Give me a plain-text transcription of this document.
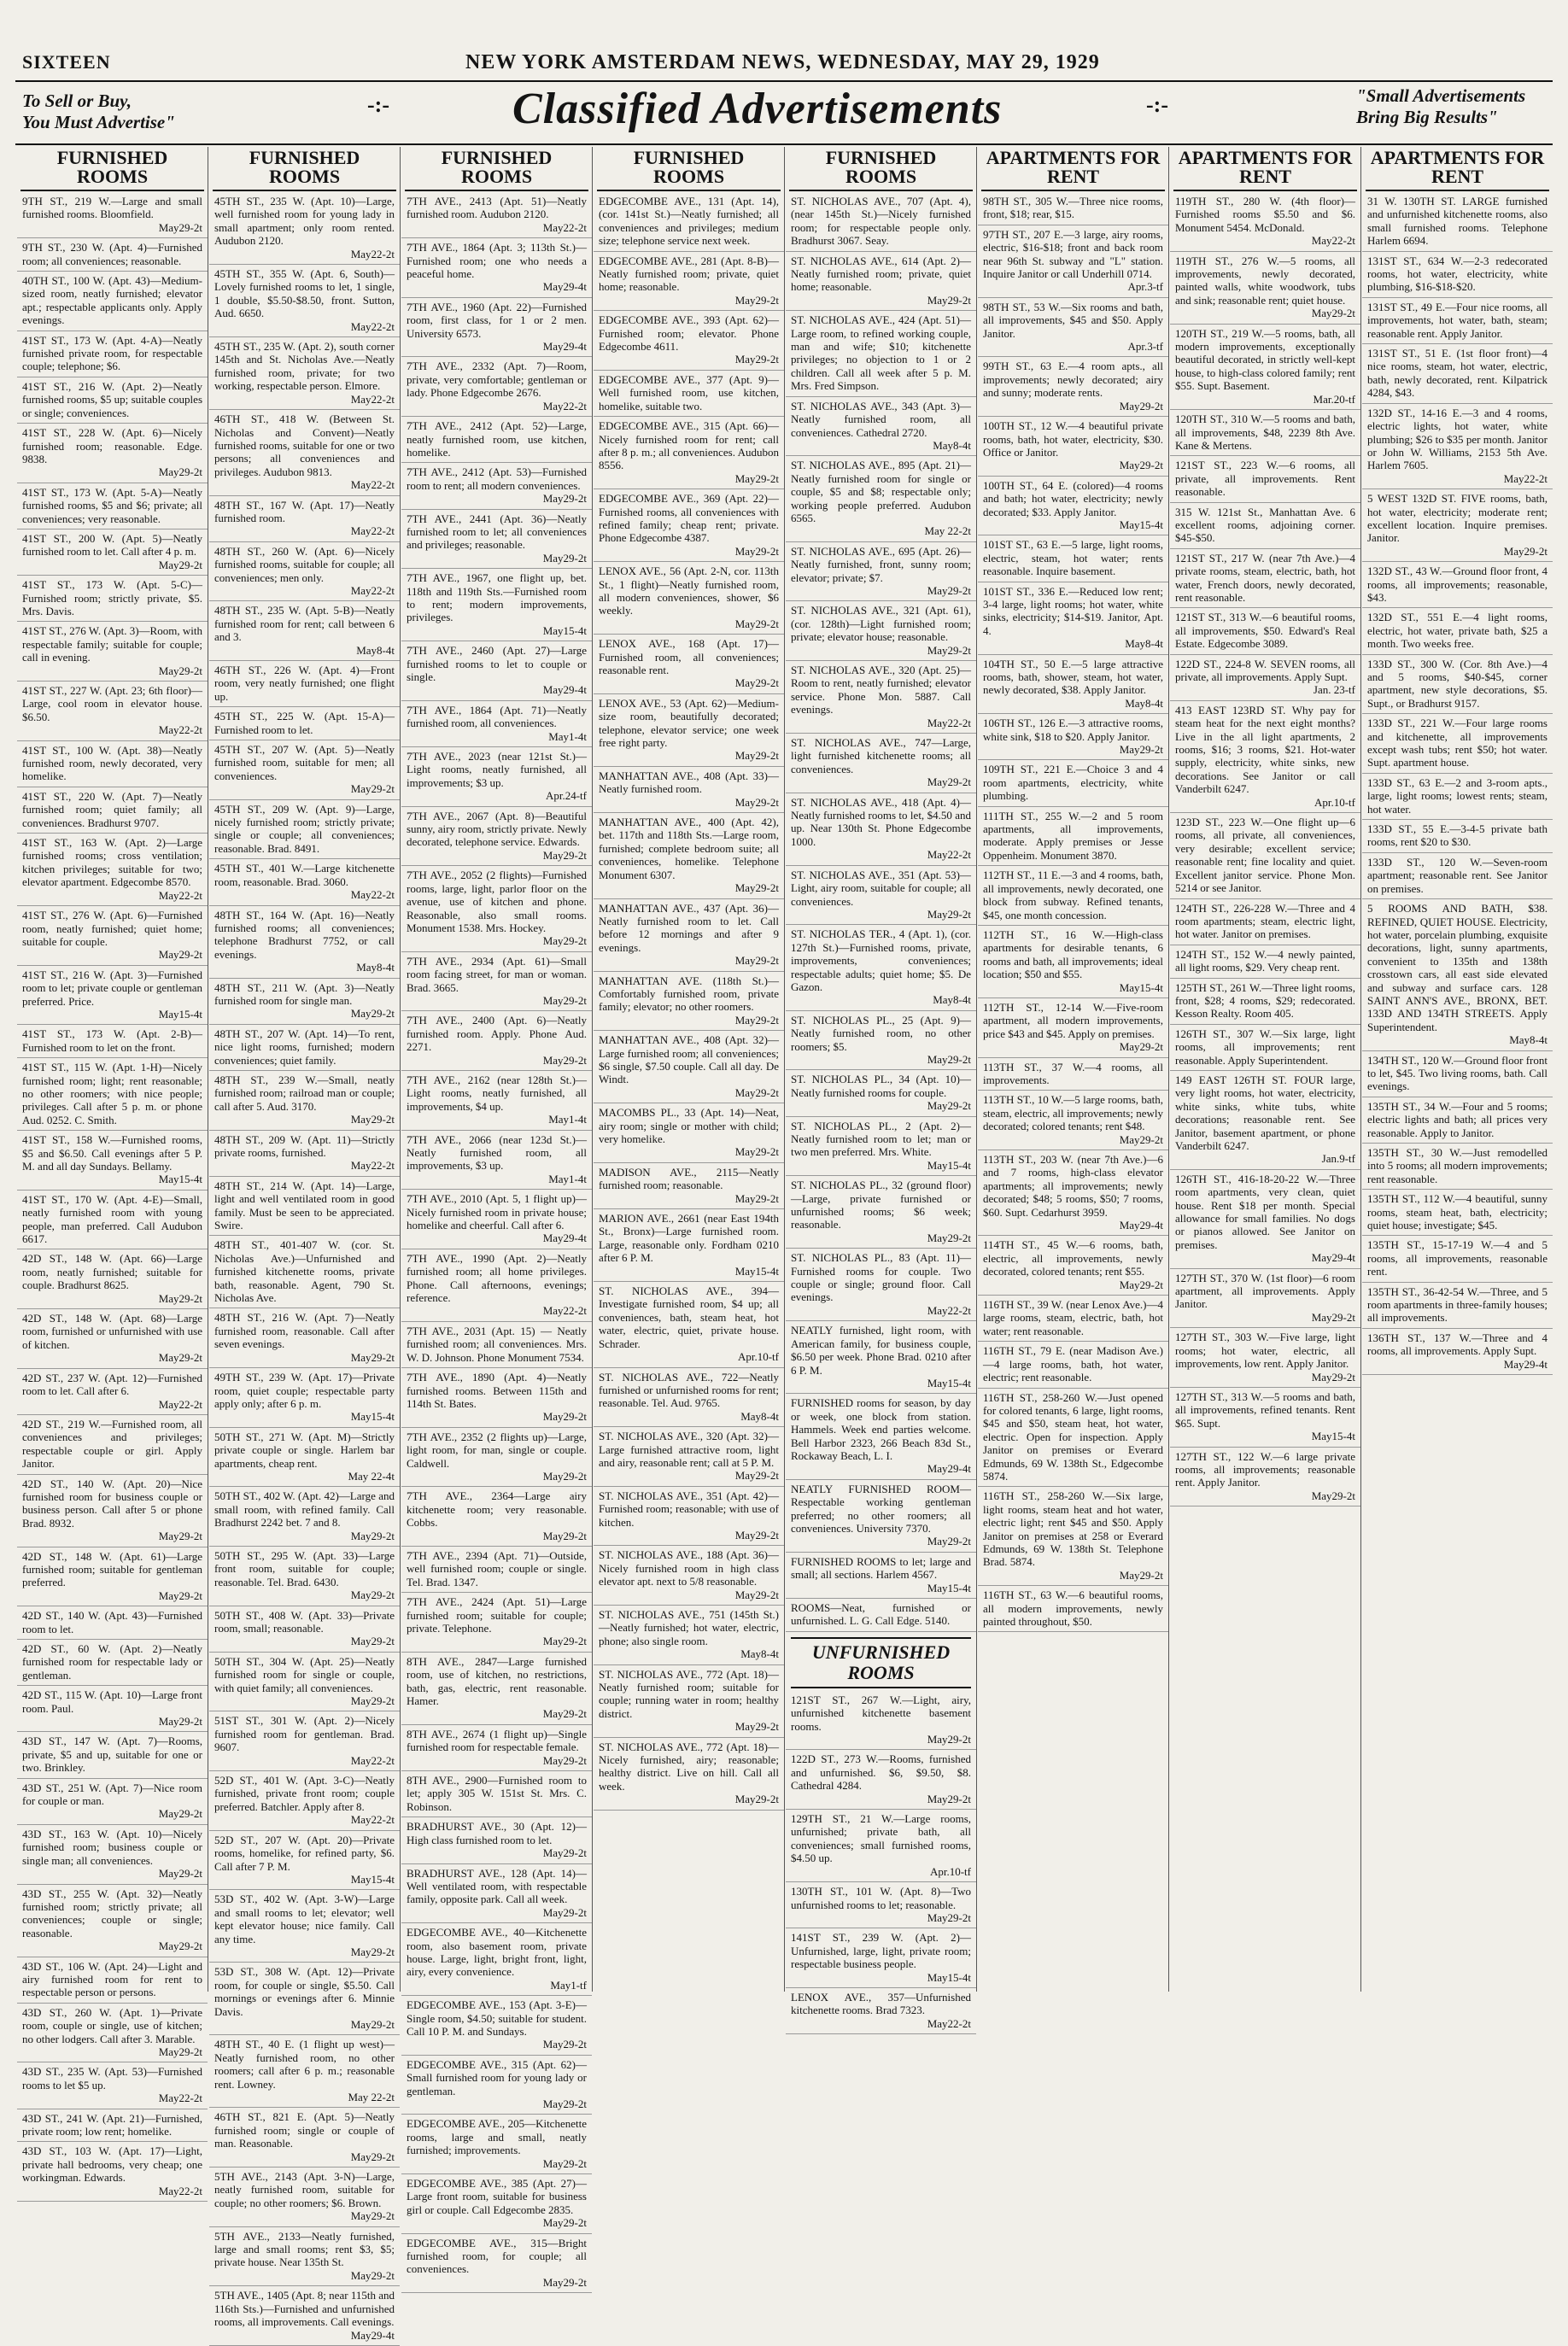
SIXTEEN	NEW YORK AMSTERDAM NEWS, WEDNESDAY, MAY 29, 1929
To Sell or Buy,
You Must Advertise"
-:-	Classified Advertisements	-:-	"Small Advertisements
Bring Big Results"
FURNISHED ROOMS
9TH ST., 219 W.—Large and small furnished rooms. Bloomfield.
May29-2t
9TH ST., 230 W. (Apt. 4)—Furnished room; all conveniences; reasonable.
40TH ST., 100 W. (Apt. 43)—Medium-sized room, neatly furnished; elevator apt.; respectable applicants only. Apply evenings.
41ST ST., 173 W. (Apt. 4-A)—Neatly furnished private room, for respectable couple; telephone; $6.
41ST ST., 216 W. (Apt. 2)—Neatly furnished rooms, $5 up; suitable couples or single; conveniences.
41ST ST., 228 W. (Apt. 6)—Nicely furnished room; reasonable. Edge. 9838.
May29-2t
41ST ST., 173 W. (Apt. 5-A)—Neatly furnished rooms, $5 and $6; private; all conveniences; very reasonable.
41ST ST., 200 W. (Apt. 5)—Neatly furnished room to let. Call after 4 p. m.
May29-2t
41ST ST., 173 W. (Apt. 5-C)—Furnished room; strictly private, $5. Mrs. Davis.
41ST ST., 276 W. (Apt. 3)—Room, with respectable family; suitable for couple; call in evening.
May29-2t
41ST ST., 227 W. (Apt. 23; 6th floor)—Large, cool room in elevator house. $6.50.
May22-2t
41ST ST., 100 W. (Apt. 38)—Neatly furnished room, newly decorated, very homelike.
41ST ST., 220 W. (Apt. 7)—Neatly furnished room; quiet family; all conveniences. Bradhurst 9707.
41ST ST., 163 W. (Apt. 2)—Large furnished rooms; cross ventilation; kitchen privileges; suitable for two; elevator apartment. Edgecombe 8570.
May22-2t
41ST ST., 276 W. (Apt. 6)—Furnished room, neatly furnished; quiet home; suitable for couple.
May29-2t
41ST ST., 216 W. (Apt. 3)—Furnished room to let; private couple or gentleman preferred. Price.
May15-4t
41ST ST., 173 W. (Apt. 2-B)—Furnished room to let on the front.
41ST ST., 115 W. (Apt. 1-H)—Nicely furnished room; light; rent reasonable; no other roomers; with nice people; privileges. Call after 5 p. m. or phone Aud. 0252. C. Smith.
41ST ST., 158 W.—Furnished rooms, $5 and $6.50. Call evenings after 5 P. M. and all day Sundays. Bellamy.
May15-4t
41ST ST., 170 W. (Apt. 4-E)—Small, neatly furnished room with young people, man preferred. Call Audubon 6617.
42D ST., 148 W. (Apt. 66)—Large room, neatly furnished; suitable for couple. Bradhurst 8625.
May29-2t
42D ST., 148 W. (Apt. 68)—Large room, furnished or unfurnished with use of kitchen.
May29-2t
42D ST., 237 W. (Apt. 12)—Furnished room to let. Call after 6.
May22-2t
42D ST., 219 W.—Furnished room, all conveniences and privileges; respectable couple or girl. Apply Janitor.
42D ST., 140 W. (Apt. 20)—Nice furnished room for business couple or business person. Call after 5 or phone Brad. 8932.
May29-2t
42D ST., 148 W. (Apt. 61)—Large furnished room; suitable for gentleman preferred.
May29-2t
42D ST., 140 W. (Apt. 43)—Furnished room to let.
42D ST., 60 W. (Apt. 2)—Neatly furnished room for respectable lady or gentleman.
42D ST., 115 W. (Apt. 10)—Large front room. Paul.
May29-2t
43D ST., 147 W. (Apt. 7)—Rooms, private, $5 and up, suitable for one or two. Brinkley.
43D ST., 251 W. (Apt. 7)—Nice room for couple or man.
May29-2t
43D ST., 163 W. (Apt. 10)—Nicely furnished room; business couple or single man; all conveniences.
May29-2t
43D ST., 255 W. (Apt. 32)—Neatly furnished room; strictly private; all conveniences; couple or single; reasonable.
May29-2t
43D ST., 106 W. (Apt. 24)—Light and airy furnished room for rent to respectable person or persons.
43D ST., 260 W. (Apt. 1)—Private room, couple or single, use of kitchen; no other lodgers. Call after 3. Marable.
May29-2t
43D ST., 235 W. (Apt. 53)—Furnished rooms to let $5 up.
May22-2t
43D ST., 241 W. (Apt. 21)—Furnished, private room; low rent; homelike.
43D ST., 103 W. (Apt. 17)—Light, private hall bedrooms, very cheap; one workingman. Edwards.
May22-2t
FURNISHED ROOMS
45TH ST., 235 W. (Apt. 10)—Large, well furnished room for young lady in small apartment; only room rented. Audubon 2120.
May22-2t
45TH ST., 355 W. (Apt. 6, South)—Lovely furnished rooms to let, 1 single, 1 double, $5.50-$8.50, front. Sutton, Aud. 6650.
May22-2t
45TH ST., 235 W. (Apt. 2), south corner 145th and St. Nicholas Ave.—Neatly furnished room, private; for two working, respectable person. Elmore.
May22-2t
46TH ST., 418 W. (Between St. Nicholas and Convent)—Neatly furnished rooms, suitable for one or two persons; all conveniences and privileges. Audubon 9813.
May22-2t
48TH ST., 167 W. (Apt. 17)—Neatly furnished room.
May22-2t
48TH ST., 260 W. (Apt. 6)—Nicely furnished rooms, suitable for couple; all conveniences; men only.
May22-2t
48TH ST., 235 W. (Apt. 5-B)—Neatly furnished room for rent; call between 6 and 3.
May8-4t
46TH ST., 226 W. (Apt. 4)—Front room, very neatly furnished; one flight up.
45TH ST., 225 W. (Apt. 15-A)—Furnished room to let.
45TH ST., 207 W. (Apt. 5)—Neatly furnished room, suitable for men; all conveniences.
May29-2t
45TH ST., 209 W. (Apt. 9)—Large, nicely furnished room; strictly private; single or couple; all conveniences; reasonable. Brad. 8491.
45TH ST., 401 W.—Large kitchenette room, reasonable. Brad. 3060.
May22-2t
48TH ST., 164 W. (Apt. 16)—Neatly furnished rooms; all conveniences; telephone Bradhurst 7752, or call evenings.
May8-4t
48TH ST., 211 W. (Apt. 3)—Neatly furnished room for single man.
May29-2t
48TH ST., 207 W. (Apt. 14)—To rent, nice light rooms, furnished; modern conveniences; quiet family.
48TH ST., 239 W.—Small, neatly furnished room; railroad man or couple; call after 5. Aud. 3170.
May29-2t
48TH ST., 209 W. (Apt. 11)—Strictly private rooms, furnished.
May22-2t
48TH ST., 214 W. (Apt. 14)—Large, light and well ventilated room in good family. Must be seen to be appreciated. Swire.
48TH ST., 401-407 W. (cor. St. Nicholas Ave.)—Unfurnished and furnished kitchenette rooms, private bath, reasonable. Agent, 790 St. Nicholas Ave.
48TH ST., 216 W. (Apt. 7)—Neatly furnished room, reasonable. Call after seven evenings.
May29-2t
49TH ST., 239 W. (Apt. 17)—Private room, quiet couple; respectable party apply only; after 6 p. m.
May15-4t
50TH ST., 271 W. (Apt. M)—Strictly private couple or single. Harlem bar apartments, cheap rent.
May 22-4t
50TH ST., 402 W. (Apt. 42)—Large and small room, with refined family. Call Bradhurst 2242 bet. 7 and 8.
May29-2t
50TH ST., 295 W. (Apt. 33)—Large front room, suitable for couple; reasonable. Tel. Brad. 6430.
May29-2t
50TH ST., 408 W. (Apt. 33)—Private room, small; reasonable.
May29-2t
50TH ST., 304 W. (Apt. 25)—Neatly furnished room for single or couple, with quiet family; all conveniences.
May29-2t
51ST ST., 301 W. (Apt. 2)—Nicely furnished room for gentleman. Brad. 9607.
May22-2t
52D ST., 401 W. (Apt. 3-C)—Neatly furnished, private front room; couple preferred. Batchler. Apply after 8.
May22-2t
52D ST., 207 W. (Apt. 20)—Private rooms, homelike, for refined party, $6. Call after 7 P. M.
May15-4t
53D ST., 402 W. (Apt. 3-W)—Large and small rooms to let; elevator; well kept elevator house; nice family. Call any time.
May29-2t
53D ST., 308 W. (Apt. 12)—Private room, for couple or single, $5.50. Call mornings or evenings after 6. Minnie Davis.
May29-2t
48TH ST., 40 E. (1 flight up west)—Neatly furnished room, no other roomers; call after 6 p. m.; reasonable rent. Lowney.
May 22-2t
46TH ST., 821 E. (Apt. 5)—Neatly furnished room; single or couple of man. Reasonable.
May29-2t
5TH AVE., 2143 (Apt. 3-N)—Large, neatly furnished room, suitable for couple; no other roomers; $6. Brown.
May29-2t
5TH AVE., 2133—Neatly furnished, large and small rooms; rent $3, $5; private house. Near 135th St.
May29-2t
5TH AVE., 1405 (Apt. 8; near 115th and 116th Sts.)—Furnished and unfurnished rooms, all improvements. Call evenings.
May29-4t
FURNISHED ROOMS
7TH AVE., 2413 (Apt. 51)—Neatly furnished room. Audubon 2120.
May22-2t
7TH AVE., 1864 (Apt. 3; 113th St.)—Furnished room; one who needs a peaceful home.
May29-4t
7TH AVE., 1960 (Apt. 22)—Furnished room, first class, for 1 or 2 men. University 6573.
May29-4t
7TH AVE., 2332 (Apt. 7)—Room, private, very comfortable; gentleman or lady. Phone Edgecombe 2676.
May22-2t
7TH AVE., 2412 (Apt. 52)—Large, neatly furnished room, use kitchen, homelike.
7TH AVE., 2412 (Apt. 53)—Furnished room to rent; all modern conveniences.
May29-2t
7TH AVE., 2441 (Apt. 36)—Neatly furnished room to let; all conveniences and privileges; reasonable.
May29-2t
7TH AVE., 1967, one flight up, bet. 118th and 119th Sts.—Furnished room to rent; modern improvements, privileges.
May15-4t
7TH AVE., 2460 (Apt. 27)—Large furnished rooms to let to couple or single.
May29-4t
7TH AVE., 1864 (Apt. 71)—Neatly furnished room, all conveniences.
May1-4t
7TH AVE., 2023 (near 121st St.)—Light rooms, neatly furnished, all improvements; $3 up.
Apr.24-tf
7TH AVE., 2067 (Apt. 8)—Beautiful sunny, airy room, strictly private. Newly decorated, telephone service. Edwards.
May29-2t
7TH AVE., 2052 (2 flights)—Furnished rooms, large, light, parlor floor on the avenue, use of kitchen and phone. Reasonable, also small rooms. Monument 1538. Mrs. Hockey.
May29-2t
7TH AVE., 2934 (Apt. 61)—Small room facing street, for man or woman. Brad. 3665.
May29-2t
7TH AVE., 2400 (Apt. 6)—Neatly furnished room. Apply. Phone Aud. 2271.
May29-2t
7TH AVE., 2162 (near 128th St.)—Light rooms, neatly furnished, all improvements, $4 up.
May1-4t
7TH AVE., 2066 (near 123d St.)—Neatly furnished room, all improvements, $3 up.
May1-4t
7TH AVE., 2010 (Apt. 5, 1 flight up)—Nicely furnished room in private house; homelike and cheerful. Call after 6.
May29-4t
7TH AVE., 1990 (Apt. 2)—Neatly furnished room; all home privileges. Phone. Call afternoons, evenings; reference.
May22-2t
7TH AVE., 2031 (Apt. 15) — Neatly furnished room; all conveniences. Mrs. W. D. Johnson. Phone Monument 7534.
7TH AVE., 1890 (Apt. 4)—Neatly furnished rooms. Between 115th and 114th St. Bates.
May29-2t
7TH AVE., 2352 (2 flights up)—Large, light room, for man, single or couple. Caldwell.
May29-2t
7TH AVE., 2364—Large airy kitchenette room; very reasonable. Cobbs.
May29-2t
7TH AVE., 2394 (Apt. 71)—Outside, well furnished room; couple or single. Tel. Brad. 1347.
7TH AVE., 2424 (Apt. 51)—Large furnished room; suitable for couple; private. Telephone.
May29-2t
8TH AVE., 2847—Large furnished room, use of kitchen, no restrictions, bath, gas, electric, rent reasonable. Hamer.
May29-2t
8TH AVE., 2674 (1 flight up)—Single furnished room for respectable female.
May29-2t
8TH AVE., 2900—Furnished room to let; apply 305 W. 151st St. Mrs. C. Robinson.
BRADHURST AVE., 30 (Apt. 12)—High class furnished room to let.
May29-2t
BRADHURST AVE., 128 (Apt. 14)—Well ventilated room, with respectable family, opposite park. Call all week.
May29-2t
EDGECOMBE AVE., 40—Kitchenette room, also basement room, private house. Large, light, bright front, light, airy, every convenience.
May1-tf
EDGECOMBE AVE., 153 (Apt. 3-E)—Single room, $4.50; suitable for student. Call 10 P. M. and Sundays.
May29-2t
EDGECOMBE AVE., 315 (Apt. 62)—Small furnished room for young lady or gentleman.
May29-2t
EDGECOMBE AVE., 205—Kitchenette rooms, large and small, neatly furnished; improvements.
May29-2t
EDGECOMBE AVE., 385 (Apt. 27)—Large front room, suitable for business girl or couple. Call Edgecombe 2835.
May29-2t
EDGECOMBE AVE., 315—Bright furnished room, for couple; all conveniences.
May29-2t
FURNISHED ROOMS
EDGECOMBE AVE., 131 (Apt. 14), (cor. 141st St.)—Neatly furnished; all conveniences and privileges; medium size; telephone service next week.
EDGECOMBE AVE., 281 (Apt. 8-B)—Neatly furnished room; private, quiet home; reasonable.
May29-2t
EDGECOMBE AVE., 393 (Apt. 62)—Furnished room; elevator. Phone Edgecombe 4611.
May29-2t
EDGECOMBE AVE., 377 (Apt. 9)—Well furnished room, use kitchen, homelike, suitable two.
EDGECOMBE AVE., 315 (Apt. 66)—Nicely furnished room for rent; call after 8 p. m.; all conveniences. Audubon 8556.
May29-2t
EDGECOMBE AVE., 369 (Apt. 22)—Furnished rooms, all conveniences with refined family; cheap rent; private. Phone Edgecombe 4387.
May29-2t
LENOX AVE., 56 (Apt. 2-N, cor. 113th St., 1 flight)—Neatly furnished room, all modern conveniences, shower, $6 weekly.
May29-2t
LENOX AVE., 168 (Apt. 17)—Furnished room, all conveniences; reasonable rent.
May29-2t
LENOX AVE., 53 (Apt. 62)—Medium-size room, beautifully decorated; telephone, elevator service; one week free right party.
May29-2t
MANHATTAN AVE., 408 (Apt. 33)—Neatly furnished room.
May29-2t
MANHATTAN AVE., 400 (Apt. 42), bet. 117th and 118th Sts.—Large room, furnished; complete bedroom suite; all conveniences, homelike. Telephone Monument 6307.
May29-2t
MANHATTAN AVE., 437 (Apt. 36)—Neatly furnished room to let. Call before 12 mornings and after 9 evenings.
May29-2t
MANHATTAN AVE. (118th St.)—Comfortably furnished room, private family; elevator; no other roomers.
May29-2t
MANHATTAN AVE., 408 (Apt. 32)—Large furnished room; all conveniences; $6 single, $7.50 couple. Call all day. De Windt.
May29-2t
MACOMBS PL., 33 (Apt. 14)—Neat, airy room; single or mother with child; very homelike.
May29-2t
MADISON AVE., 2115—Neatly furnished room; reasonable.
May29-2t
MARION AVE., 2661 (near East 194th St., Bronx)—Large furnished room. Large, reasonable only. Fordham 0210 after 6 P. M.
May15-4t
ST. NICHOLAS AVE., 394—Investigate furnished room, $4 up; all conveniences, bath, steam heat, hot water, electric, quiet, private house. Schrader.
Apr.10-tf
ST. NICHOLAS AVE., 722—Neatly furnished or unfurnished rooms for rent; reasonable. Tel. Aud. 9765.
May8-4t
ST. NICHOLAS AVE., 320 (Apt. 32)—Large furnished attractive room, light and airy, reasonable rent; call at 5 P. M.
May29-2t
ST. NICHOLAS AVE., 351 (Apt. 42)—Furnished room; reasonable; with use of kitchen.
May29-2t
ST. NICHOLAS AVE., 188 (Apt. 36)—Nicely furnished room in high class elevator apt. next to 5/8 reasonable.
May29-2t
ST. NICHOLAS AVE., 751 (145th St.)—Neatly furnished; hot water, electric, phone; also single room.
May8-4t
ST. NICHOLAS AVE., 772 (Apt. 18)—Neatly furnished room; suitable for couple; running water in room; healthy district.
May29-2t
ST. NICHOLAS AVE., 772 (Apt. 18)—Nicely furnished, airy; reasonable; healthy district. Live on hill. Call all week.
May29-2t
FURNISHED ROOMS
ST. NICHOLAS AVE., 707 (Apt. 4), (near 145th St.)—Nicely furnished room; for respectable people only. Bradhurst 3067. Seay.
ST. NICHOLAS AVE., 614 (Apt. 2)—Neatly furnished room; private, quiet home; reasonable.
May29-2t
ST. NICHOLAS AVE., 424 (Apt. 51)—Large room, to refined working couple, man and wife; $10; kitchenette privileges; no objection to 1 or 2 children. Call all week after 5 p. M. Mrs. Fred Simpson.
ST. NICHOLAS AVE., 343 (Apt. 3)—Neatly furnished room, all conveniences. Cathedral 2720.
May8-4t
ST. NICHOLAS AVE., 895 (Apt. 21)—Neatly furnished room for single or couple, $5 and $8; respectable only; working people preferred. Audubon 6565.
May 22-2t
ST. NICHOLAS AVE., 695 (Apt. 26)—Neatly furnished, front, sunny room; elevator; private; $7.
May29-2t
ST. NICHOLAS AVE., 321 (Apt. 61), (cor. 128th)—Light furnished room; private; elevator house; reasonable.
May29-2t
ST. NICHOLAS AVE., 320 (Apt. 25)—Room to rent, neatly furnished; elevator service. Phone Mon. 5887. Call evenings.
May22-2t
ST. NICHOLAS AVE., 747—Large, light furnished kitchenette rooms; all conveniences.
May29-2t
ST. NICHOLAS AVE., 418 (Apt. 4)—Neatly furnished rooms to let, $4.50 and up. Near 130th St. Phone Edgecombe 1000.
May22-2t
ST. NICHOLAS AVE., 351 (Apt. 53)—Light, airy room, suitable for couple; all conveniences.
May29-2t
ST. NICHOLAS TER., 4 (Apt. 1), (cor. 127th St.)—Furnished rooms, private, improvements, conveniences; respectable adults; quiet home; $5. De Gazon.
May8-4t
ST. NICHOLAS PL., 25 (Apt. 9)—Neatly furnished room, no other roomers; $5.
May29-2t
ST. NICHOLAS PL., 34 (Apt. 10)—Neatly furnished rooms for couple.
May29-2t
ST. NICHOLAS PL., 2 (Apt. 2)—Neatly furnished room to let; man or two men preferred. Mrs. White.
May15-4t
ST. NICHOLAS PL., 32 (ground floor)—Large, private furnished or unfurnished rooms; $6 week; reasonable.
May29-2t
ST. NICHOLAS PL., 83 (Apt. 11)—Furnished rooms for couple. Two couple or single; ground floor. Call evenings.
May22-2t
NEATLY furnished, light room, with American family, for business couple, $6.50 per week. Phone Brad. 0210 after 6 P. M.
May15-4t
FURNISHED rooms for season, by day or week, one block from station. Hammels. Week end parties welcome. Bell Harbor 2323, 266 Beach 83d St., Rockaway Beach, L. I.
May29-4t
NEATLY FURNISHED ROOM—Respectable working gentleman preferred; no other roomers; all conveniences. University 7370.
May29-2t
FURNISHED ROOMS to let; large and small; all sections. Harlem 4567.
May15-4t
ROOMS—Neat, furnished or unfurnished. L. G. Call Edge. 5140.
UNFURNISHED ROOMS
121ST ST., 267 W.—Light, airy, unfurnished kitchenette basement rooms.
May29-2t
122D ST., 273 W.—Rooms, furnished and unfurnished. $6, $9.50, $8. Cathedral 4284.
May29-2t
129TH ST., 21 W.—Large rooms, unfurnished; private bath, all conveniences; small furnished rooms, $4.50 up.
Apr.10-tf
130TH ST., 101 W. (Apt. 8)—Two unfurnished rooms to let; reasonable.
May29-2t
141ST ST., 239 W. (Apt. 2)—Unfurnished, large, light, private room; respectable business people.
May15-4t
LENOX AVE., 357—Unfurnished kitchenette rooms. Brad 7323.
May22-2t
APARTMENTS FOR RENT
98TH ST., 305 W.—Three nice rooms, front, $18; rear, $15.
97TH ST., 207 E.—3 large, airy rooms, electric, $16-$18; front and back room near 96th St. subway and "L" station. Inquire Janitor or call Underhill 0714.
Apr.3-tf
98TH ST., 53 W.—Six rooms and bath, all improvements, $45 and $50. Apply Janitor.
Apr.3-tf
99TH ST., 63 E.—4 room apts., all improvements; newly decorated; airy and sunny; moderate rents.
May29-2t
100TH ST., 12 W.—4 beautiful private rooms, bath, hot water, electricity, $30. Office or Janitor.
May29-2t
100TH ST., 64 E. (colored)—4 rooms and bath; hot water, electricity; newly decorated; $33. Apply Janitor.
May15-4t
101ST ST., 63 E.—5 large, light rooms, electric, steam, hot water; rents reasonable. Inquire basement.
101ST ST., 336 E.—Reduced low rent; 3-4 large, light rooms; hot water, white sinks, electricity; $14-$19. Janitor, Apt. 4.
May8-4t
104TH ST., 50 E.—5 large attractive rooms, bath, shower, steam, hot water, newly decorated, $38. Apply Janitor.
May8-4t
106TH ST., 126 E.—3 attractive rooms, white sink, $18 to $20. Apply Janitor.
May29-2t
109TH ST., 221 E.—Choice 3 and 4 room apartments, electricity, white plumbing.
111TH ST., 255 W.—2 and 5 room apartments, all improvements, moderate. Apply premises or Jesse Oppenheim. Monument 3870.
112TH ST., 11 E.—3 and 4 rooms, bath, all improvements, newly decorated, one block from subway. Refined tenants, $45, one month concession.
112TH ST., 16 W.—High-class apartments for desirable tenants, 6 rooms and bath, all improvements; ideal location; $50 and $55.
May15-4t
112TH ST., 12-14 W.—Five-room apartment, all modern improvements, price $43 and $45. Apply on premises.
May29-2t
113TH ST., 37 W.—4 rooms, all improvements.
113TH ST., 10 W.—5 large rooms, bath, steam, electric, all improvements; newly decorated; colored tenants; rent $48.
May29-2t
113TH ST., 203 W. (near 7th Ave.)—6 and 7 rooms, high-class elevator apartments; all improvements; newly decorated; $48; 5 rooms, $50; 7 rooms, $60. Supt. Cedarhurst 3959.
May29-4t
114TH ST., 45 W.—6 rooms, bath, electric, all improvements, newly decorated, colored tenants; rent $55.
May29-2t
116TH ST., 39 W. (near Lenox Ave.)—4 large rooms, steam, electric, bath, hot water; rent reasonable.
116TH ST., 79 E. (near Madison Ave.)—4 large rooms, bath, hot water, electric; rent reasonable.
116TH ST., 258-260 W.—Just opened for colored tenants, 6 large, light rooms, $45 and $50, steam heat, hot water, electric. Open for inspection. Apply Janitor on premises or Everard Edmunds, 69 W. 138th St., Edgecombe 5874.
116TH ST., 258-260 W.—Six large, light rooms, steam heat and hot water, electric light; rent $45 and $50. Apply Janitor on premises at 258 or Everard Edmunds, 69 W. 138th St. Telephone Brad. 5874.
May29-2t
116TH ST., 63 W.—6 beautiful rooms, all modern improvements, newly painted throughout, $50.
APARTMENTS FOR RENT
119TH ST., 280 W. (4th floor)—Furnished rooms $5.50 and $6. Monument 5454. McDonald.
May22-2t
119TH ST., 276 W.—5 rooms, all improvements, newly decorated, painted walls, white woodwork, tubs and sink; reasonable rent; quiet house.
May29-2t
120TH ST., 219 W.—5 rooms, bath, all modern improvements, exceptionally beautiful decorated, in strictly well-kept house, to high-class colored family; rent $55. Supt. Basement.
Mar.20-tf
120TH ST., 310 W.—5 rooms and bath, all improvements, $48, 2239 8th Ave. Kane & Mertens.
121ST ST., 223 W.—6 rooms, all private, all improvements. Rent reasonable.
315 W. 121st St., Manhattan Ave. 6 excellent rooms, adjoining corner. $45-$50.
121ST ST., 217 W. (near 7th Ave.)—4 private rooms, steam, electric, bath, hot water, French doors, newly decorated, rent reasonable.
121ST ST., 313 W.—6 beautiful rooms, all improvements, $50. Edward's Real Estate. Edgecombe 3089.
122D ST., 224-8 W. SEVEN rooms, all private, all improvements. Apply Supt.
Jan. 23-tf
413 EAST 123RD ST. Why pay for steam heat for the next eight months? Live in the all light apartments, 2 rooms, $16; 3 rooms, $21. Hot-water supply, electricity, white sinks, new decorations. See Janitor or call Vanderbilt 6247.
Apr.10-tf
123D ST., 223 W.—One flight up—6 rooms, all private, all conveniences, very desirable; excellent service; reasonable rent; fine locality and quiet. Excellent janitor service. Phone Mon. 5214 or see Janitor.
124TH ST., 226-228 W.—Three and 4 room apartments; steam, electric light, hot water. Janitor on premises.
124TH ST., 152 W.—4 newly painted, all light rooms, $29. Very cheap rent.
125TH ST., 261 W.—Three light rooms, front, $28; 4 rooms, $29; redecorated. Kesson Realty. Room 405.
126TH ST., 307 W.—Six large, light rooms, all improvements; rent reasonable. Apply Superintendent.
149 EAST 126TH ST. FOUR large, very light rooms, hot water, electricity, white sinks, white tubs, white decorations; reasonable rent. See Janitor, basement apartment, or phone Vanderbilt 6247.
Jan.9-tf
126TH ST., 416-18-20-22 W.—Three room apartments, very clean, quiet house. Rent $18 per month. Special allowance for small families. No dogs or pianos allowed. See Janitor on premises.
May29-4t
127TH ST., 370 W. (1st floor)—6 room apartment, all improvements. Apply Janitor.
May29-2t
127TH ST., 303 W.—Five large, light rooms; hot water, electric, all improvements, low rent. Apply Janitor.
May29-2t
127TH ST., 313 W.—5 rooms and bath, all improvements, refined tenants. Rent $65. Supt.
May15-4t
127TH ST., 122 W.—6 large private rooms, all improvements; reasonable rent. Apply Janitor.
May29-2t
APARTMENTS FOR RENT
31 W. 130TH ST. LARGE furnished and unfurnished kitchenette rooms, also small furnished rooms. Telephone Harlem 6694.
131ST ST., 634 W.—2-3 redecorated rooms, hot water, electricity, white plumbing, $16-$18-$20.
131ST ST., 49 E.—Four nice rooms, all improvements, hot water, bath, steam; reasonable rent. Apply Janitor.
131ST ST., 51 E. (1st floor front)—4 nice rooms, steam, hot water, electric, bath, newly decorated, rent. Kilpatrick 4284, $43.
132D ST., 14-16 E.—3 and 4 rooms, electric lights, hot water, white plumbing; $26 to $35 per month. Janitor or John W. Williams, 2153 5th Ave. Harlem 7605.
May22-2t
5 WEST 132D ST. FIVE rooms, bath, hot water, electricity; moderate rent; excellent location. Inquire premises. Janitor.
May29-2t
132D ST., 43 W.—Ground floor front, 4 rooms, all improvements; reasonable, $43.
132D ST., 551 E.—4 light rooms, electric, hot water, private bath, $25 a month. Two weeks free.
133D ST., 300 W. (Cor. 8th Ave.)—4 and 5 rooms, $40-$45, corner apartment, new style decorations, $5. Supt., or Bradhurst 9157.
133D ST., 221 W.—Four large rooms and kitchenette, all improvements except wash tubs; rent $50; hot water. Supt. apartment house.
133D ST., 63 E.—2 and 3-room apts., large, light rooms; lowest rents; steam, hot water.
133D ST., 55 E.—3-4-5 private bath rooms, rent $20 to $30.
133D ST., 120 W.—Seven-room apartment; reasonable rent. See Janitor on premises.
5 ROOMS AND BATH, $38. REFINED, QUIET HOUSE. Electricity, hot water, porcelain plumbing, exquisite decorations, light, sunny apartments, convenient to 135th and 138th crosstown cars, all east side elevated and subway and surface cars. 128 SAINT ANN'S AVE., BRONX, BET. 133D AND 134TH STREETS. Apply Superintendent.
May8-4t
134TH ST., 120 W.—Ground floor front to let, $45. Two living rooms, bath. Call evenings.
135TH ST., 34 W.—Four and 5 rooms; electric lights and bath; all prices very reasonable. Apply to Janitor.
135TH ST., 30 W.—Just remodelled into 5 rooms; all modern improvements; rent reasonable.
135TH ST., 112 W.—4 beautiful, sunny rooms, steam heat, bath, electricity; quiet house; investigate; $45.
135TH ST., 15-17-19 W.—4 and 5 rooms, all improvements, reasonable rent.
135TH ST., 36-42-54 W.—Three, and 5 room apartments in three-family houses; all improvements.
136TH ST., 137 W.—Three and 4 rooms, all improvements. Apply Supt.
May29-4t
